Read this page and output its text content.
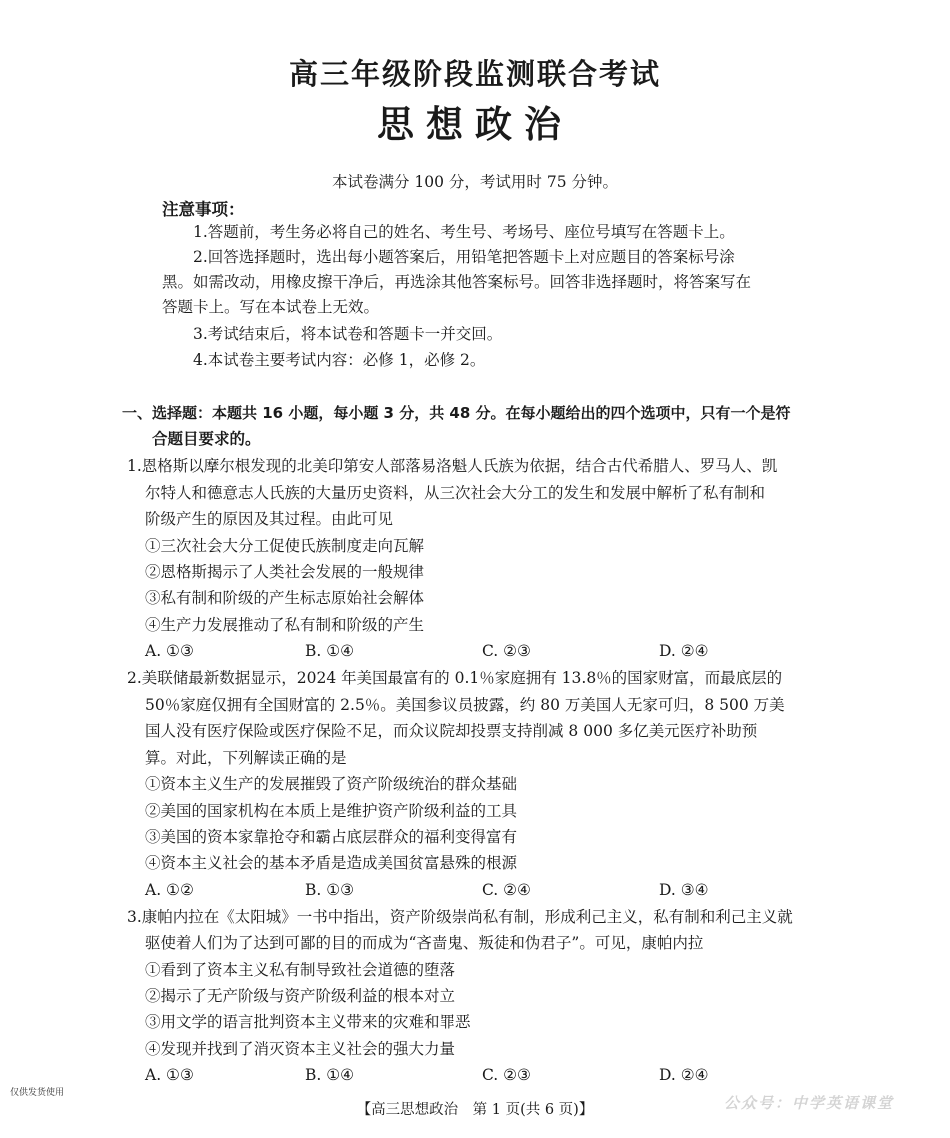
高三年级阶段监测联合考试
思想政治
本试卷满分 100 分，考试用时 75 分钟。
注意事项：
1.答题前，考生务必将自己的姓名、考生号、考场号、座位号填写在答题卡上。
2.回答选择题时，选出每小题答案后，用铅笔把答题卡上对应题目的答案标号涂
黑。如需改动，用橡皮擦干净后，再选涂其他答案标号。回答非选择题时，将答案写在
答题卡上。写在本试卷上无效。
3.考试结束后，将本试卷和答题卡一并交回。
4.本试卷主要考试内容：必修 1，必修 2。
一、选择题：本题共 16 小题，每小题 3 分，共 48 分。在每小题给出的四个选项中，只有一个是符
合题目要求的。
1.恩格斯以摩尔根发现的北美印第安人部落易洛魁人氏族为依据，结合古代希腊人、罗马人、凯
尔特人和德意志人氏族的大量历史资料，从三次社会大分工的发生和发展中解析了私有制和
阶级产生的原因及其过程。由此可见
①三次社会大分工促使氏族制度走向瓦解
②恩格斯揭示了人类社会发展的一般规律
③私有制和阶级的产生标志原始社会解体
④生产力发展推动了私有制和阶级的产生
A. ①③	B. ①④	C. ②③	D. ②④
2.美联储最新数据显示，2024 年美国最富有的 0.1％家庭拥有 13.8％的国家财富，而最底层的
50％家庭仅拥有全国财富的 2.5％。美国参议员披露，约 80 万美国人无家可归，8 500 万美
国人没有医疗保险或医疗保险不足，而众议院却投票支持削减 8 000 多亿美元医疗补助预
算。对此，下列解读正确的是
①资本主义生产的发展摧毁了资产阶级统治的群众基础
②美国的国家机构在本质上是维护资产阶级利益的工具
③美国的资本家靠抢夺和霸占底层群众的福利变得富有
④资本主义社会的基本矛盾是造成美国贫富悬殊的根源
A. ①②	B. ①③	C. ②④	D. ③④
3.康帕内拉在《太阳城》一书中指出，资产阶级崇尚私有制，形成利己主义，私有制和利己主义就
驱使着人们为了达到可鄙的目的而成为“吝啬鬼、叛徒和伪君子”。可见，康帕内拉
①看到了资本主义私有制导致社会道德的堕落
②揭示了无产阶级与资产阶级利益的根本对立
③用文学的语言批判资本主义带来的灾难和罪恶
④发现并找到了消灭资本主义社会的强大力量
A. ①③	B. ①④	C. ②③	D. ②④
仅供发货使用
【高三思想政治　第 1 页(共 6 页)】	公众号：中学英语课堂
